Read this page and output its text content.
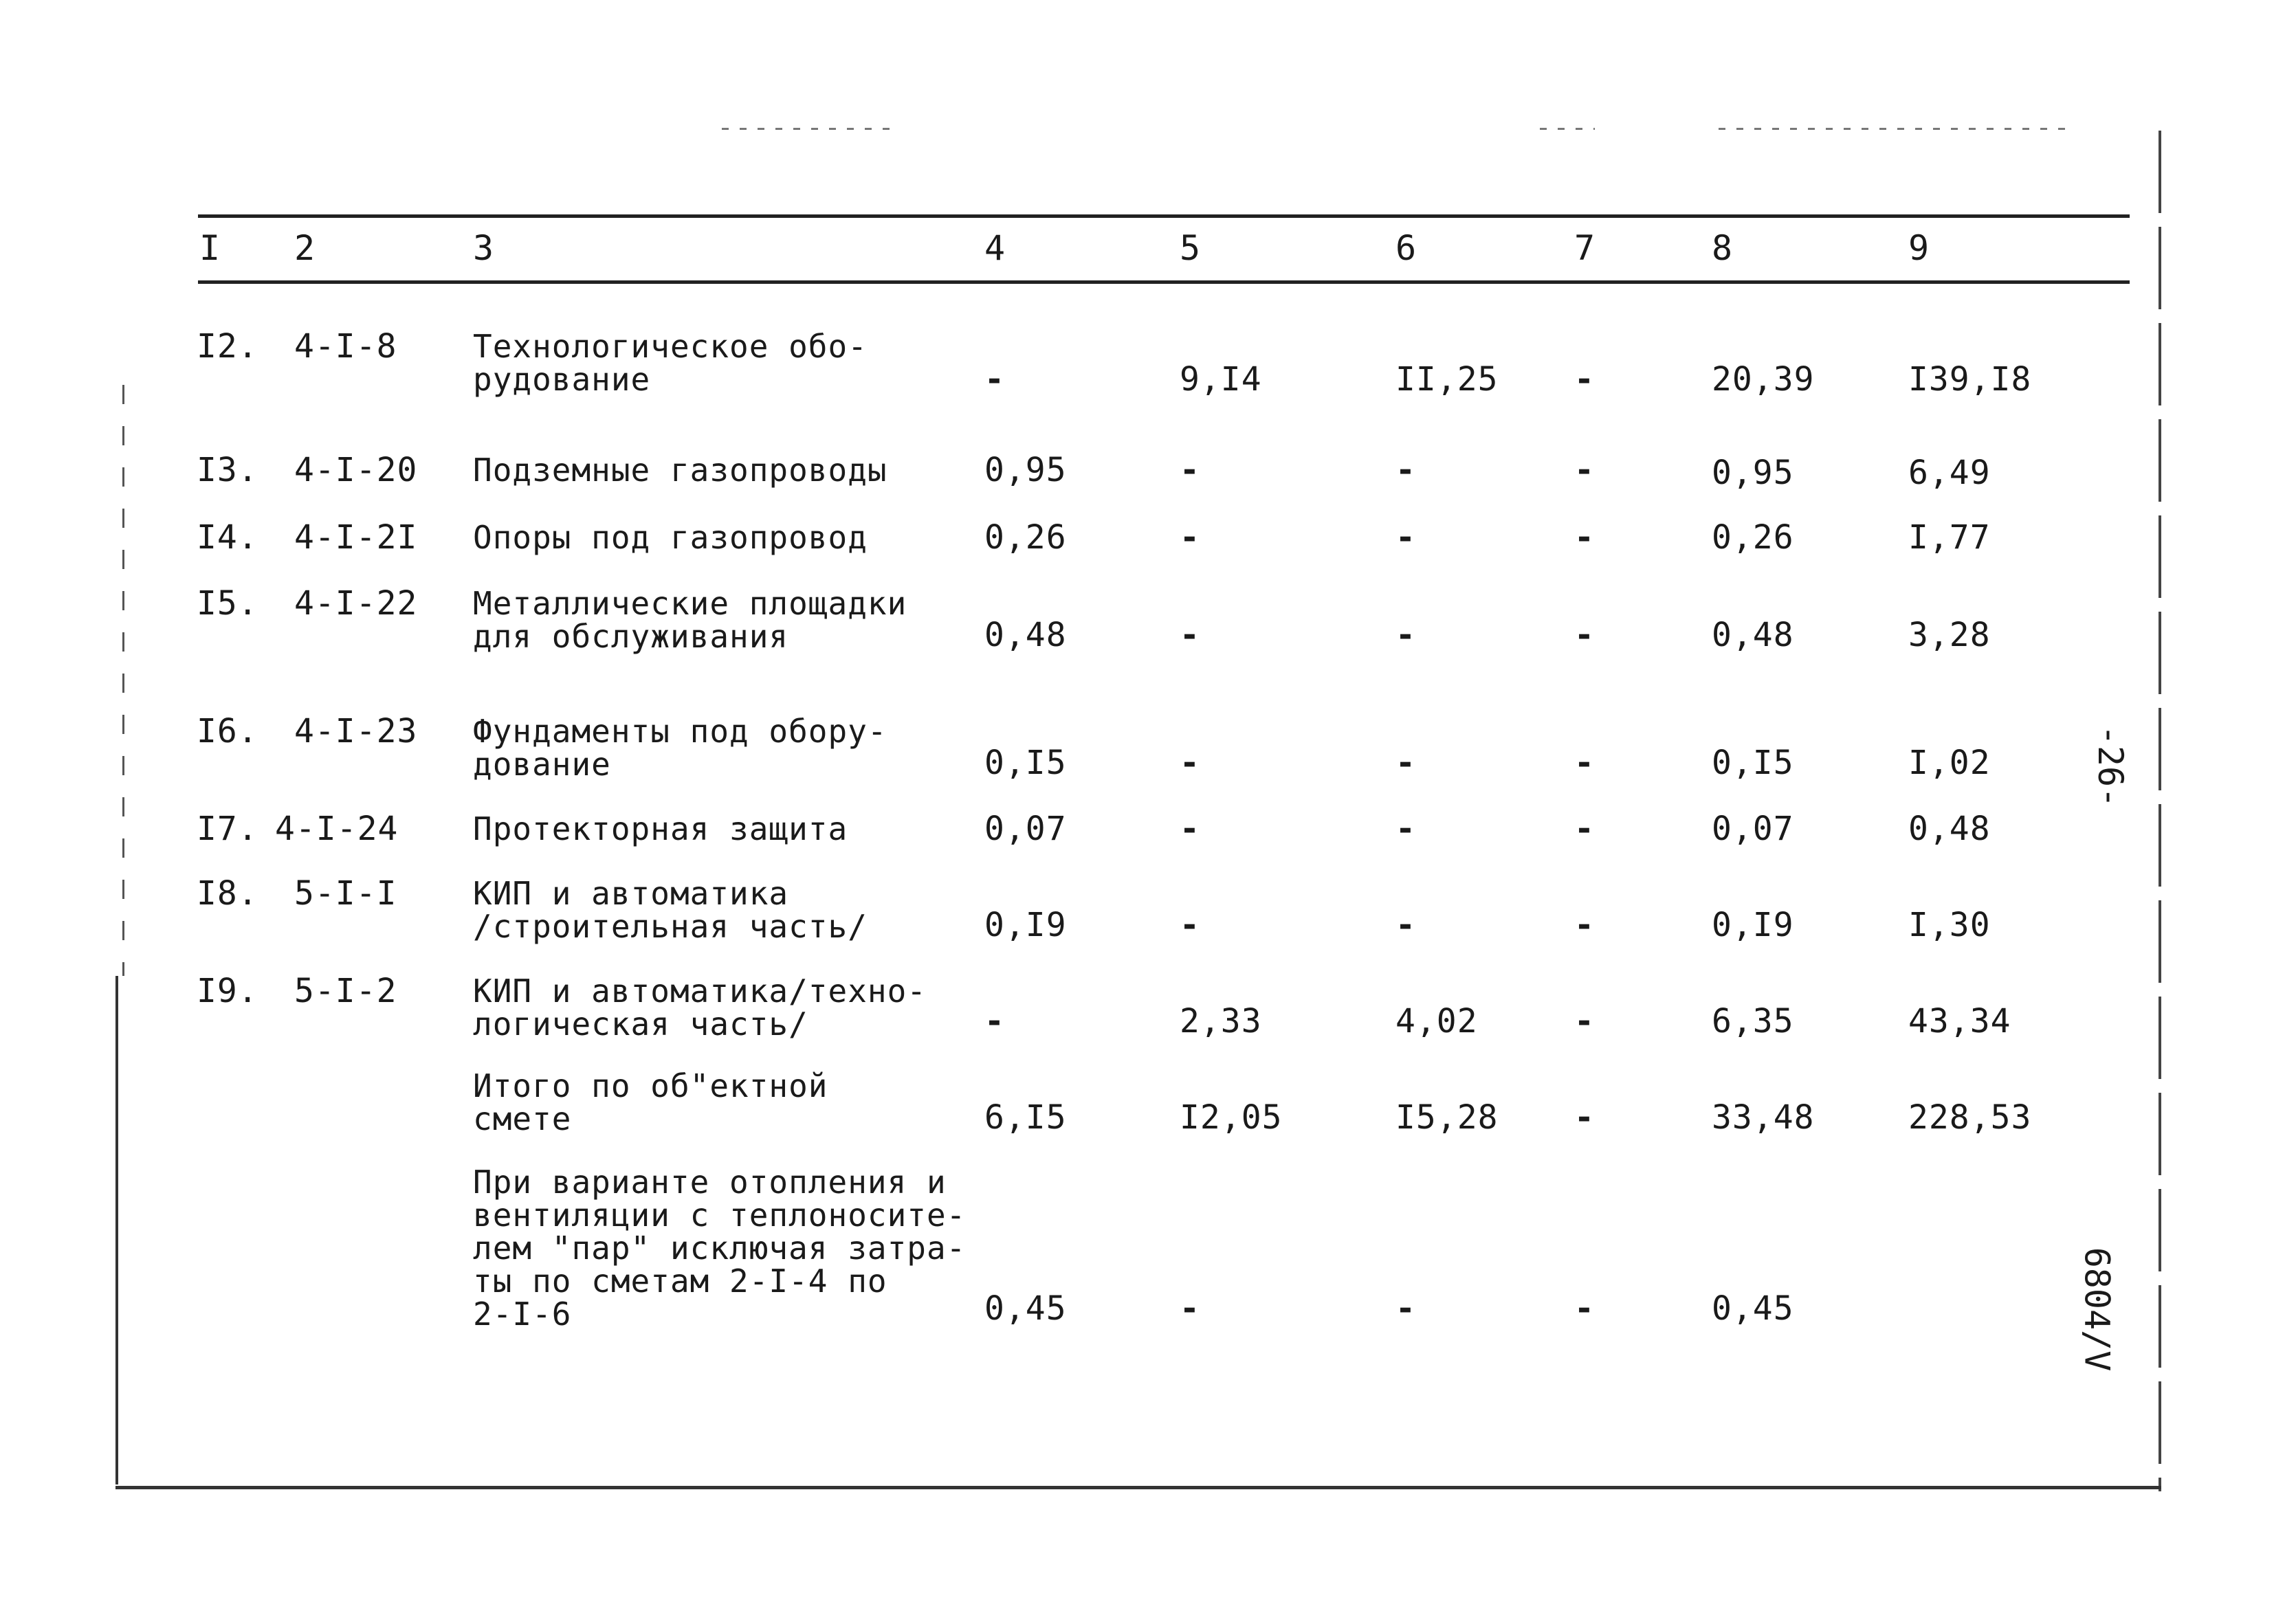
I 2	3	4	5	6	7	8	9
I2. 4-I-8 Технологическое обо-
рудование	-	9,I4	II,25 -	20,39	I39,I8
I3. 4-I-20 Подземные газопроводы	0,95	-	-	-	0,95	6,49
I4. 4-I-2I Опоры под газопровод	0,26	-	-	-	0,26	I,77
I5. 4-I-22 Металлические площадки
для обслуживания	0,48	-	-	-	0,48	3,28
I6. 4-I-23 Фундаменты под обору-
дование	0,I5	-	-	-	0,I5	I,02
I7. 4-I-24 Протекторная защита	0,07	-	-	-	0,07	0,48
I8. 5-I-I КИП и автоматика
/строительная часть/	0,I9	-	-	-	0,I9	I,30
I9. 5-I-2 КИП и автоматика/техно-
логическая часть/	-	2,33	4,02	-	6,35	43,34
Итого по об"ектной
смете	6,I5	I2,05	I5,28 -	33,48	228,53
При варианте отопления и
вентиляции с теплоносите-
лем "пар" исключая затра-
ты по сметам 2-I-4 по
2-I-6	0,45	-	-	-	0,45
-26-
6804/V
